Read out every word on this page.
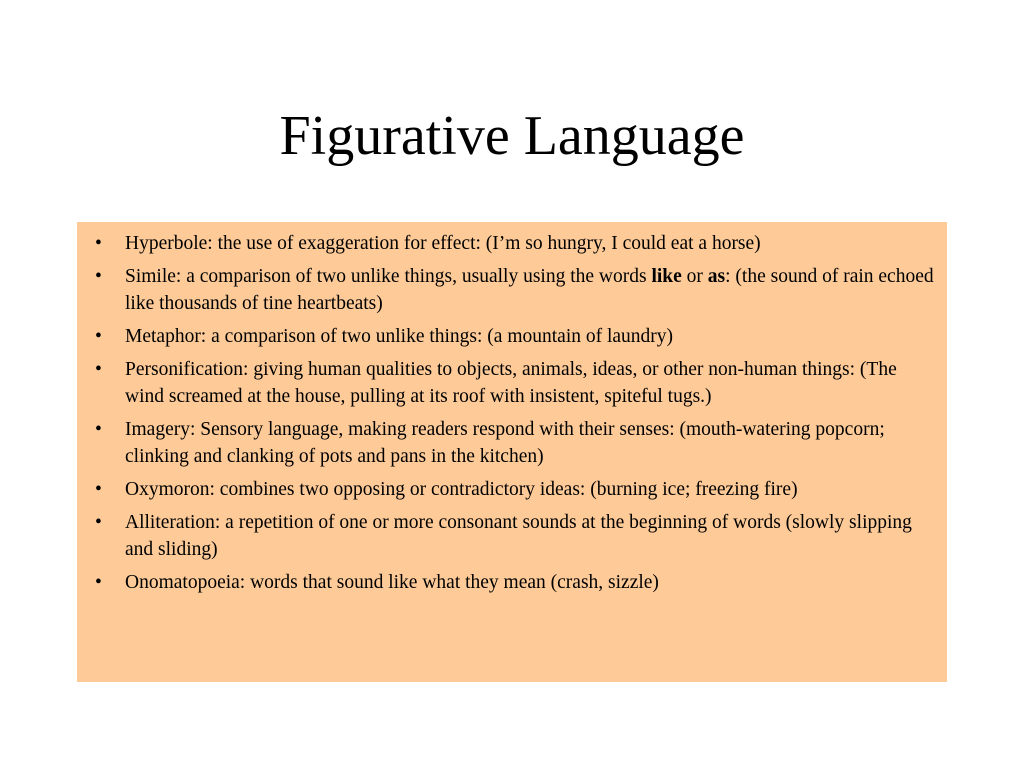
Figurative Language
• Hyperbole: the use of exaggeration for effect: (I’m so hungry, I could eat a horse)
• Simile: a comparison of two unlike things, usually using the words like or as: (the sound of rain echoed like thousands of tine heartbeats)
• Metaphor: a comparison of two unlike things: (a mountain of laundry)
• Personification: giving human qualities to objects, animals, ideas, or other non-human things: (The wind screamed at the house, pulling at its roof with insistent, spiteful tugs.)
• Imagery: Sensory language, making readers respond with their senses: (mouth-watering popcorn; clinking and clanking of pots and pans in the kitchen)
• Oxymoron: combines two opposing or contradictory ideas: (burning ice; freezing fire)
• Alliteration: a repetition of one or more consonant sounds at the beginning of words (slowly slipping and sliding)
• Onomatopoeia: words that sound like what they mean (crash, sizzle)
